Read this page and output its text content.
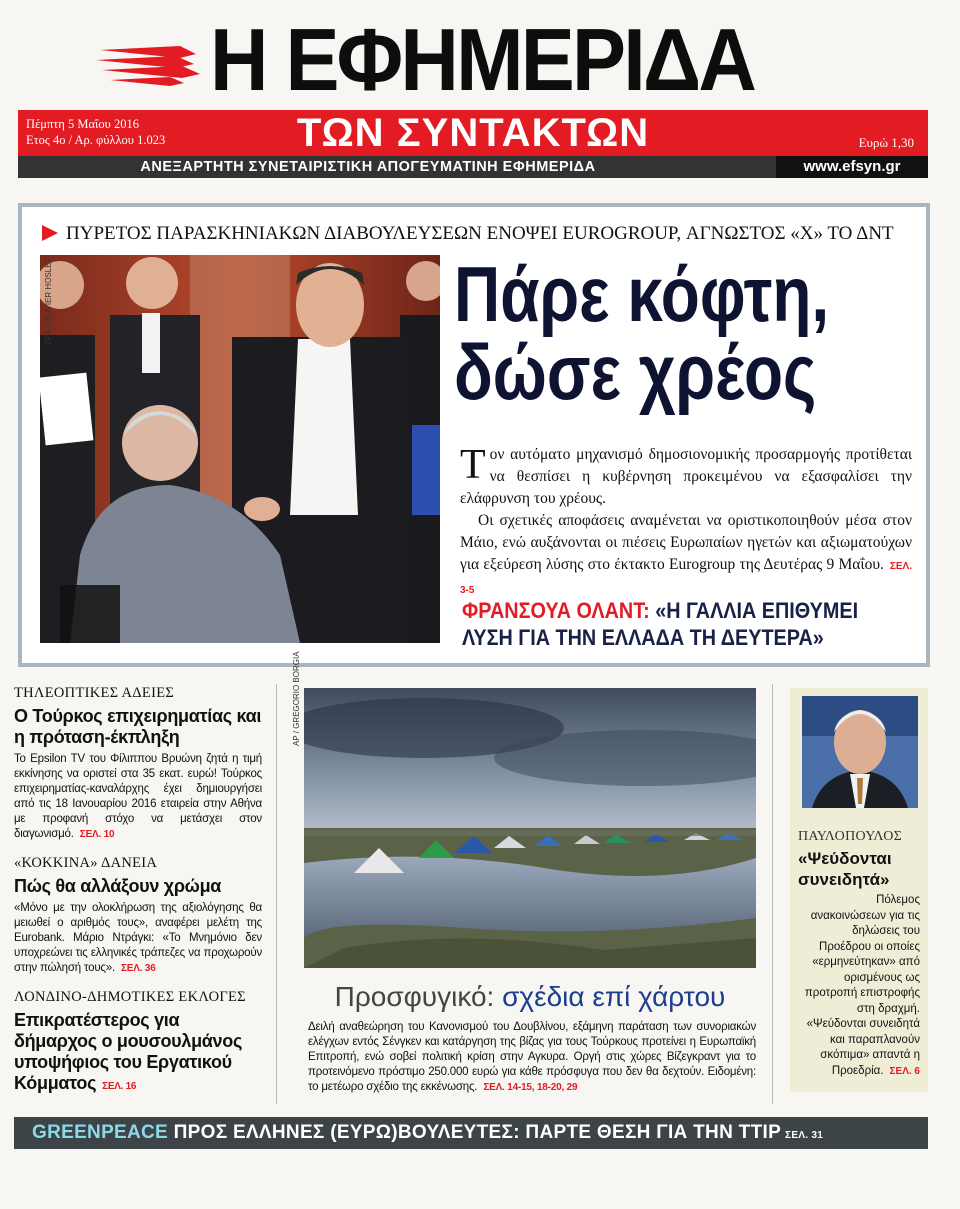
Η ΕΦΗΜΕΡΙΔΑ
Πέμπτη 5 Μαΐου 2016
Ετος 4ο / Αρ. φύλλου 1.023	ΤΩΝ ΣΥΝΤΑΚΤΩΝ	Ευρώ 1,30
ΑΝΕΞΑΡΤΗΤΗ ΣΥΝΕΤΑΙΡΙΣΤΙΚΗ ΑΠΟΓΕΥΜΑΤΙΝΗ ΕΦΗΜΕΡΙΔΑ	www.efsyn.gr
ΠΥΡΕΤΟΣ ΠΑΡΑΣΚΗΝΙΑΚΩΝ ΔΙΑΒΟΥΛΕΥΣΕΩΝ ΕΝΟΨΕΙ EUROGROUP, ΑΓΝΩΣΤΟΣ «Χ» ΤΟ ΔΝΤ
EPA / OLIVIER HOSLET	Πάρε κόφτη,
δώσε χρέος

Τον αυτόματο μηχανισμό δημοσιονομικής προσαρμογής προτίθεται να θεσπίσει η κυβέρνηση προκειμένου να εξασφαλίσει την ελάφρυνση του χρέους.

Οι σχετικές αποφάσεις αναμένεται να οριστικοποιηθούν μέσα στον Μάιο, ενώ αυξάνονται οι πιέσεις Ευρωπαίων ηγετών και αξιωματούχων για εξεύρεση λύσης στο έκτακτο Eurogroup της Δευτέρας 9 Μαΐου. ΣΕΛ. 3-5

ΦΡΑΝΣΟΥΑ ΟΛΑΝΤ: «Η ΓΑΛΛΙΑ ΕΠΙΘΥΜΕΙ ΛΥΣΗ ΓΙΑ ΤΗΝ ΕΛΛΑΔΑ ΤΗ ΔΕΥΤΕΡΑ»
ΤΗΛΕΟΠΤΙΚΕΣ ΑΔΕΙΕΣ
Ο Τούρκος επιχειρηματίας και η πρόταση-έκπληξη
Το Epsilon TV του Φίλιππου Βρυώνη ζητά η τιμή εκκίνησης να οριστεί στα 35 εκατ. ευρώ! Τούρκος επιχειρηματίας-καναλάρχης έχει δημιουργήσει από τις 18 Ιανουαρίου 2016 εταιρεία στην Αθήνα με προφανή στόχο να μετάσχει στον διαγωνισμό. ΣΕΛ. 10
«ΚΟΚΚΙΝΑ» ΔΑΝΕΙΑ
Πώς θα αλλάξουν χρώμα
«Μόνο με την ολοκλήρωση της αξιολόγησης θα μειωθεί ο αριθμός τους», αναφέρει μελέτη της Eurobank. Μάριο Ντράγκι: «Το Μνημόνιο δεν υποχρεώνει τις ελληνικές τράπεζες να προχωρούν στην πώλησή τους». ΣΕΛ. 36
ΛΟΝΔΙΝΟ-ΔΗΜΟΤΙΚΕΣ ΕΚΛΟΓΕΣ
Επικρατέστερος για δήμαρχος ο μουσουλμάνος υποψήφιος του Εργατικού Κόμματος ΣΕΛ. 16
AP / GREGORIO BORGIA
Προσφυγικό: σχέδια επί χάρτου
Δειλή αναθεώρηση του Κανονισμού του Δουβλίνου, εξάμηνη παράταση των συνοριακών ελέγχων εντός Σένγκεν και κατάργηση της βίζας για τους Τούρκους προτείνει η Ευρωπαϊκή Επιτροπή, ενώ σοβεί πολιτική κρίση στην Αγκυρα. Οργή στις χώρες Βίζεγκραντ για το προτεινόμενο πρόστιμο 250.000 ευρώ για κάθε πρόσφυγα που δεν θα δεχτούν. Ειδομένη: το μετέωρο σχέδιο της εκκένωσης. ΣΕΛ. 14-15, 18-20, 29
ΠΑΥΛΟΠΟΥΛΟΣ
«Ψεύδονται συνειδητά»
Πόλεμος ανακοινώσεων για τις δηλώσεις του Προέδρου οι οποίες «ερμηνεύτηκαν» από ορισμένους ως προτροπή επιστροφής στη δραχμή. «Ψεύδονται συνειδητά και παραπλανούν σκόπιμα» απαντά η Προεδρία. ΣΕΛ. 6
GREENPEACE ΠΡΟΣ ΕΛΛΗΝΕΣ (ΕΥΡΩ)ΒΟΥΛΕΥΤΕΣ: ΠΑΡΤΕ ΘΕΣΗ ΓΙΑ ΤΗΝ TTIP ΣΕΛ. 31
